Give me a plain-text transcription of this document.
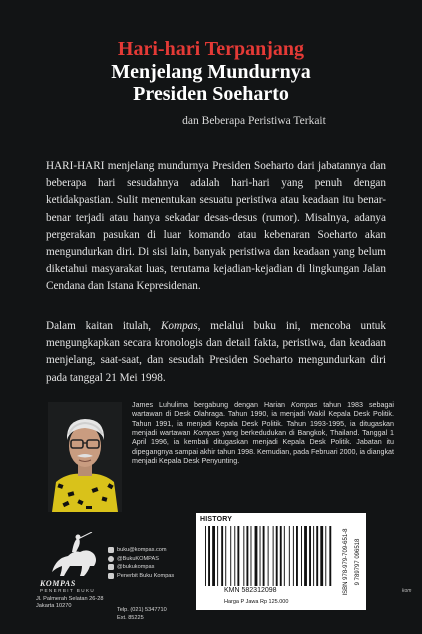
Hari-hari Terpanjang
Menjelang Mundurnya
Presiden Soeharto
dan Beberapa Peristiwa Terkait

HARI-HARI menjelang mundurnya Presiden Soeharto dari jabatannya dan beberapa hari sesudahnya adalah hari-hari yang penuh dengan ketidakpastian. Sulit menentukan sesuatu peristiwa atau keadaan itu benar-benar terjadi atau hanya sekadar desas-desus (rumor). Misalnya, adanya pergerakan pasukan di luar komando atau kebenaran Soeharto akan mengundurkan diri. Di sisi lain, banyak peristiwa dan keadaan yang belum diketahui masyarakat luas, terutama kejadian-kejadian di lingkungan Jalan Cendana dan Istana Kepresidenan.

Dalam kaitan itulah, Kompas, melalui buku ini, mencoba untuk mengungkapkan secara kronologis dan detail fakta, peristiwa, dan keadaan menjelang, saat-saat, dan sesudah Presiden Soeharto mengundurkan diri pada tanggal 21 Mei 1998.

James Luhulima bergabung dengan Harian Kompas tahun 1983 sebagai wartawan di Desk Olahraga. Tahun 1990, ia menjadi Wakil Kepala Desk Politik. Tahun 1991, ia menjadi Kepala Desk Politik. Tahun 1993-1995, ia ditugaskan menjadi wartawan Kompas yang berkedudukan di Bangkok, Thailand. Tanggal 1 April 1996, ia kembali ditugaskan menjadi Kepala Desk Politik. Jabatan itu dipegangnya sampai akhir tahun 1998. Kemudian, pada Februari 2000, ia diangkat menjadi Kepala Desk Penyunting.

HISTORY
KMN 582312098
Harga P Jawa Rp 125.000
ISBN 978-979-709-651-8 9 789797 096518
KOMPAS
PENERBIT BUKU
Jl. Palmerah Selatan 26-28
Jakarta 10270
buku@kompas.com
@BukuKOMPAS
@bukukompas
Penerbit Buku Kompas
Telp. (021) 5347710
Ext. 85225
kom
